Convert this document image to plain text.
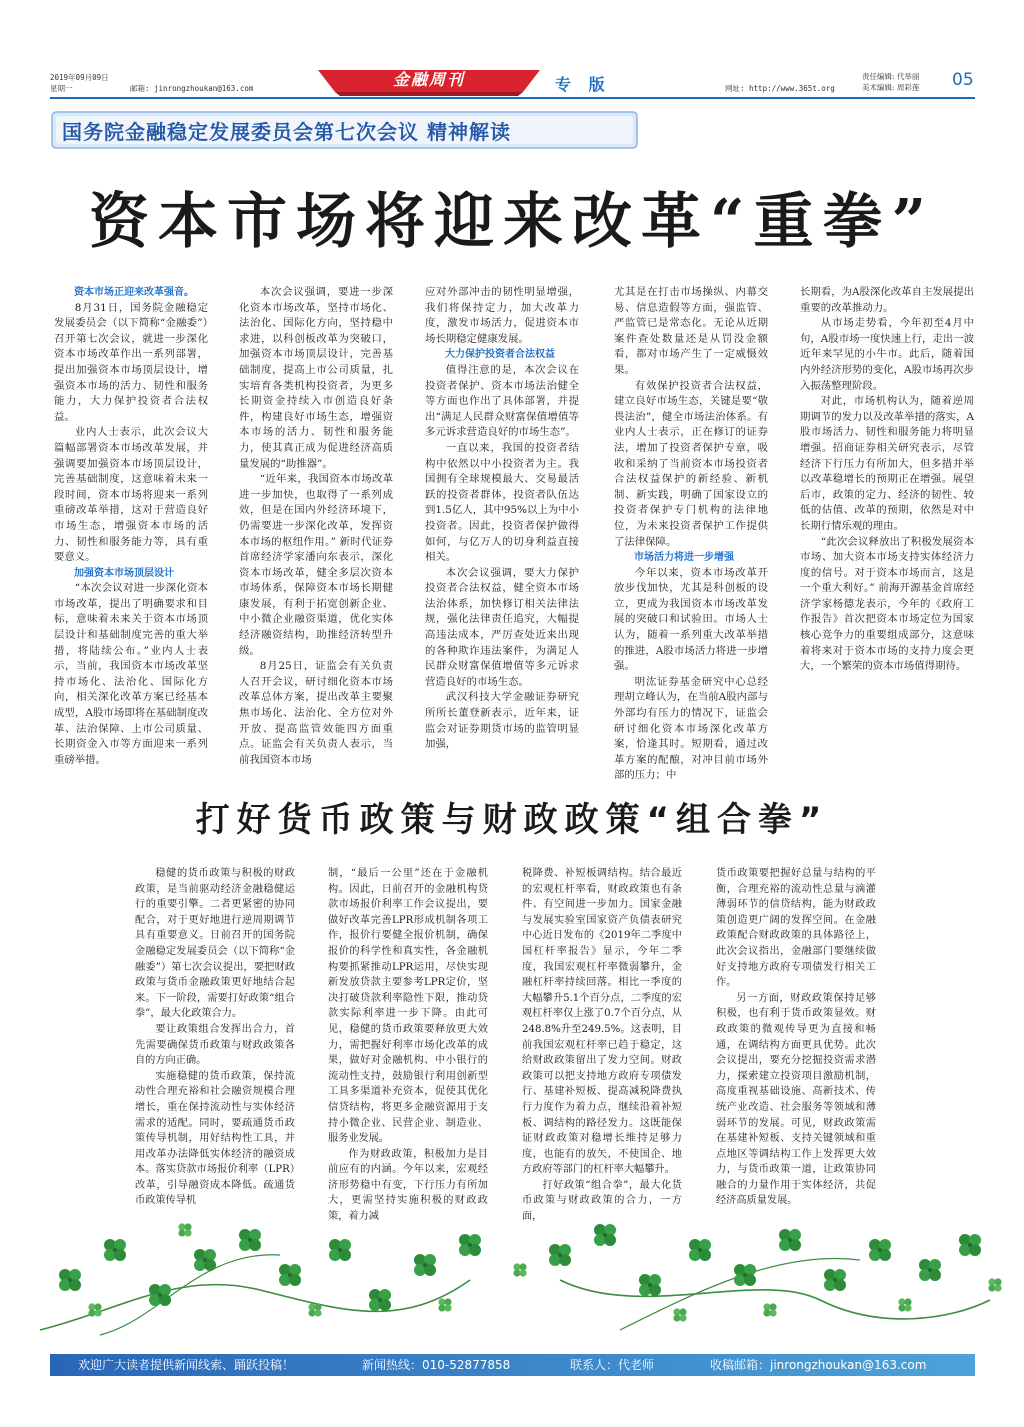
2019年09月09日
星期一	邮箱: jinrongzhoukan@163.com	金融周刊	专 版	网址: http://www.365t.org
责任编辑: 代举丽
美术编辑: 周彩莲 05
国务院金融稳定发展委员会第七次会议 精神解读
资本市场将迎来改革“重拳”

资本市场正迎来改革强音。

8月31日，国务院金融稳定发展委员会（以下简称“金融委”）召开第七次会议，就进一步深化资本市场改革作出一系列部署，提出加强资本市场顶层设计，增强资本市场的活力、韧性和服务能力，大力保护投资者合法权益。

业内人士表示，此次会议大篇幅部署资本市场改革发展，并强调要加强资本市场顶层设计，完善基础制度，这意味着未来一段时间，资本市场将迎来一系列重磅改革举措，这对于营造良好市场生态，增强资本市场的活力、韧性和服务能力等，具有重要意义。

加强资本市场顶层设计

“本次会议对进一步深化资本市场改革，提出了明确要求和目标，意味着未来关于资本市场顶层设计和基础制度完善的重大举措，将陆续公布。”业内人士表示，当前，我国资本市场改革坚持市场化、法治化、国际化方向，相关深化改革方案已经基本成型，A股市场即将在基础制度改革、法治保障、上市公司质量、长期资金入市等方面迎来一系列重磅举措。

本次会议强调，要进一步深化资本市场改革，坚持市场化、法治化、国际化方向，坚持稳中求进，以科创板改革为突破口，加强资本市场顶层设计，完善基础制度，提高上市公司质量，扎实培育各类机构投资者，为更多长期资金持续入市创造良好条件，构建良好市场生态，增强资本市场的活力、韧性和服务能力，使其真正成为促进经济高质量发展的“助推器”。

“近年来，我国资本市场改革进一步加快，也取得了一系列成效，但是在国内外经济环境下，仍需要进一步深化改革，发挥资本市场的枢纽作用。” 新时代证券首席经济学家潘向东表示，深化资本市场改革，健全多层次资本市场体系，保障资本市场长期健康发展，有利于拓宽创新企业、中小微企业融资渠道，优化实体经济融资结构，助推经济转型升级。

8月25日，证监会有关负责人召开会议，研讨细化资本市场改革总体方案，提出改革主要聚焦市场化、法治化、全方位对外开放、提高监管效能四方面重点。证监会有关负责人表示，当前我国资本市场

应对外部冲击的韧性明显增强，我们将保持定力，加大改革力度，激发市场活力，促进资本市场长期稳定健康发展。

大力保护投资者合法权益

值得注意的是，本次会议在投资者保护、资本市场法治健全等方面也作出了具体部署，并提出“满足人民群众财富保值增值等多元诉求营造良好的市场生态”。

一直以来，我国的投资者结构中依然以中小投资者为主。我国拥有全球规模最大、交易最活跃的投资者群体，投资者队伍达到1.5亿人，其中95%以上为中小投资者。因此，投资者保护做得如何，与亿万人的切身利益直接相关。

本次会议强调，要大力保护投资者合法权益，健全资本市场法治体系，加快修订相关法律法规，强化法律责任追究，大幅提高违法成本，严厉查处近来出现的各种欺诈违法案件，为满足人民群众财富保值增值等多元诉求营造良好的市场生态。

武汉科技大学金融证券研究所所长董登新表示，近年来，证监会对证券期货市场的监管明显加强，

尤其是在打击市场操纵、内幕交易、信息造假等方面，强监管、严监管已是常态化。无论从近期案件查处数量还是从罚没金额看，都对市场产生了一定威慑效果。

有效保护投资者合法权益，建立良好市场生态，关键是要“敬畏法治”，健全市场法治体系。有业内人士表示，正在修订的证券法，增加了投资者保护专章，吸收和采纳了当前资本市场投资者合法权益保护的新经验、新机制、新实践，明确了国家设立的投资者保护专门机构的法律地位，为未来投资者保护工作提供了法律保障。

市场活力将进一步增强

今年以来，资本市场改革开放步伐加快，尤其是科创板的设立，更成为我国资本市场改革发展的突破口和试验田。市场人士认为，随着一系列重大改革举措的推进，A股市场活力将进一步增强。

明汯证券基金研究中心总经理胡立峰认为，在当前A股内部与外部均有压力的情况下，证监会研讨细化资本市场深化改革方案，恰逢其时。短期看，通过改革方案的配酿，对冲目前市场外部的压力；中

长期看，为A股深化改革自主发展提出重要的改革推动力。

从市场走势看，今年初至4月中旬，A股市场一度快速上行，走出一波近年来罕见的小牛市。此后，随着国内外经济形势的变化，A股市场再次步入振荡整理阶段。

对此，市场机构认为，随着逆周期调节的发力以及改革举措的落实，A股市场活力、韧性和服务能力将明显增强。招商证券相关研究表示，尽管经济下行压力有所加大，但多措并举以改革稳增长的预期正在增强。展望后市，政策的定力、经济的韧性、较低的估值、改革的预期，依然是对中长期行情乐观的理由。

“此次会议释放出了积极发展资本市场、加大资本市场支持实体经济力度的信号。对于资本市场而言，这是一个重大利好。” 前海开源基金首席经济学家杨德龙表示，今年的《政府工作报告》首次把资本市场定位为国家核心竞争力的重要组成部分，这意味着将来对于资本市场的支持力度会更大，一个繁荣的资本市场值得期待。

打好货币政策与财政政策“组合拳”

稳健的货币政策与积极的财政政策，是当前驱动经济金融稳健运行的重要引擎。二者更紧密的协同配合，对于更好地进行逆周期调节具有重要意义。日前召开的国务院金融稳定发展委员会（以下简称“金融委”）第七次会议提出，要把财政政策与货币金融政策更好地结合起来。下一阶段，需要打好政策“组合拳”，最大化政策合力。

要让政策组合发挥出合力，首先需要确保货币政策与财政政策各自的方向正确。

实施稳健的货币政策，保持流动性合理充裕和社会融资规模合理增长，重在保持流动性与实体经济需求的适配。同时，要疏通货币政策传导机制，用好结构性工具，并用改革办法降低实体经济的融资成本。落实贷款市场报价利率（LPR）改革，引导融资成本降低。疏通货币政策传导机

制，“最后一公里”还在于金融机构。因此，日前召开的金融机构贷款市场报价利率工作会议提出，要做好改革完善LPR形成机制各项工作，报价行要健全报价机制，确保报价的科学性和真实性，各金融机构要抓紧推动LPR运用，尽快实现新发放贷款主要参考LPR定价，坚决打破贷款利率隐性下限，推动贷款实际利率进一步下降。由此可见，稳健的货币政策要释放更大效力，需把握好利率市场化改革的成果，做好对金融机构、中小银行的流动性支持，鼓励银行利用创新型工具多渠道补充资本，促使其优化信贷结构，将更多金融资源用于支持小微企业、民营企业、制造业、服务业发展。

作为财政政策，积极加力是目前应有的内涵。今年以来，宏观经济形势稳中有变，下行压力有所加大，更需坚持实施积极的财政政策，着力减

税降费、补短板调结构。结合最近的宏观杠杆率看，财政政策也有条件、有空间进一步加力。国家金融与发展实验室国家资产负债表研究中心近日发布的《2019年二季度中国杠杆率报告》显示，今年二季度，我国宏观杠杆率微弱攀升，金融杠杆率持续回落。相比一季度的大幅攀升5.1个百分点，二季度的宏观杠杆率仅上涨了0.7个百分点，从248.8%升至249.5%。这表明，目前我国宏观杠杆率已趋于稳定，这给财政政策留出了发力空间。财政政策可以把支持地方政府专项债发行、基建补短板、提高减税降费执行力度作为着力点，继续沿着补短板、调结构的路径发力。这既能保证财政政策对稳增长维持足够力度，也能有的放矢，不使国企、地方政府等部门的杠杆率大幅攀升。

打好政策“组合拳”，最大化货币政策与财政政策的合力，一方面，

货币政策要把握好总量与结构的平衡，合理充裕的流动性总量与滴灌薄弱环节的信贷结构，能为财政政策创造更广阔的发挥空间。在金融政策配合财政政策的具体路径上，此次会议指出，金融部门要继续做好支持地方政府专项债发行相关工作。

另一方面，财政政策保持足够积极，也有利于货币政策显效。财政政策的微观传导更为直接和畅通，在调结构方面更具优势。此次会议提出，要充分挖掘投资需求潜力，探索建立投资项目激励机制，高度重视基础设施、高新技术、传统产业改造、社会服务等领域和薄弱环节的发展。可见，财政政策需在基建补短板、支持关键领域和重点地区等调结构工作上发挥更大效力，与货币政策一道，让政策协同融合的力量作用于实体经济，共促经济高质量发展。

欢迎广大读者提供新闻线索、踊跃投稿！	新闻热线：010-52877858	联系人：代老师	收稿邮箱：jinrongzhoukan@163.com
